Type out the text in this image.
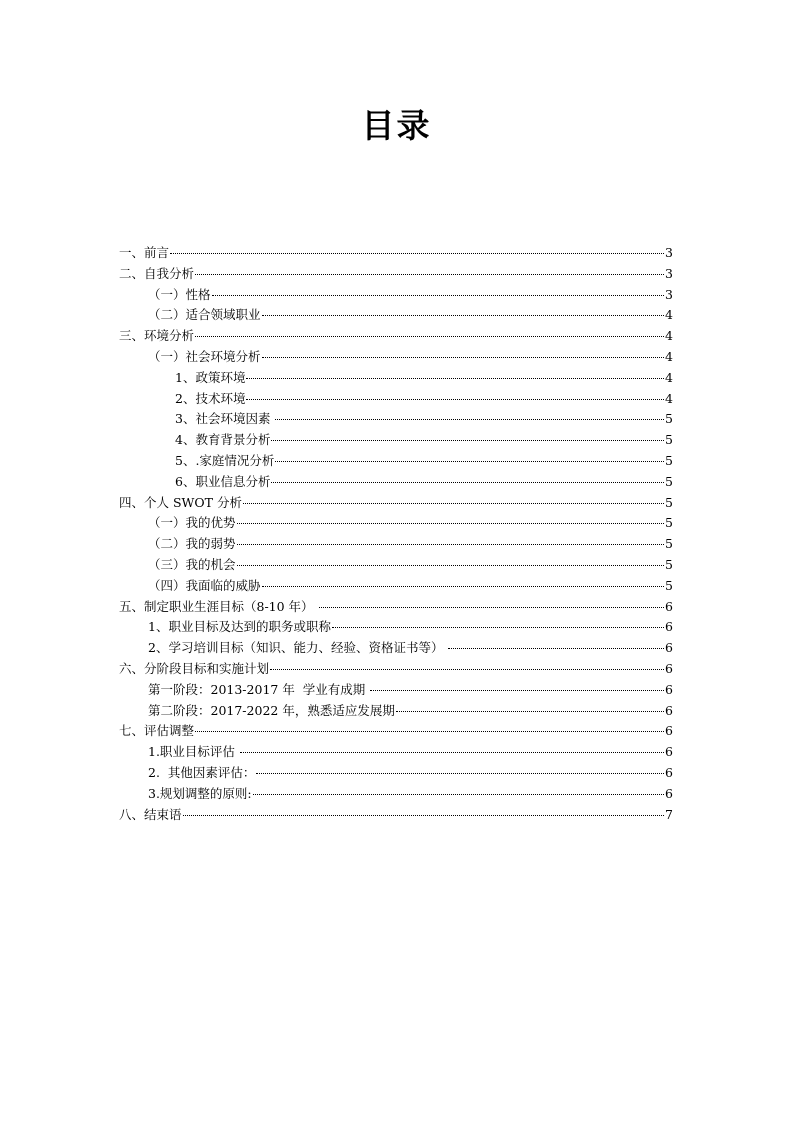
目录
一、前言	3
二、自我分析	3
（一）性格	3
（二）适合领域职业	4
三、环境分析	4
（一）社会环境分析	4
1、政策环境	4
2、技术环境	4
3、社会环境因素	5
4、教育背景分析	5
5、.家庭情况分析	5
6、职业信息分析	5
四、个人 SWOT 分析	5
（一）我的优势	5
（二）我的弱势	5
（三）我的机会	5
（四）我面临的威胁	5
五、制定职业生涯目标（8-10 年）	6
1、职业目标及达到的职务或职称	6
2、学习培训目标（知识、能力、经验、资格证书等）	6
六、分阶段目标和实施计划	6
第一阶段：2013-2017 年  学业有成期	6
第二阶段：2017-2022 年，熟悉适应发展期	6
七、评估调整	6
1.职业目标评估	6
2.  其他因素评估：	6
3.规划调整的原则:	6
八、结束语	7
